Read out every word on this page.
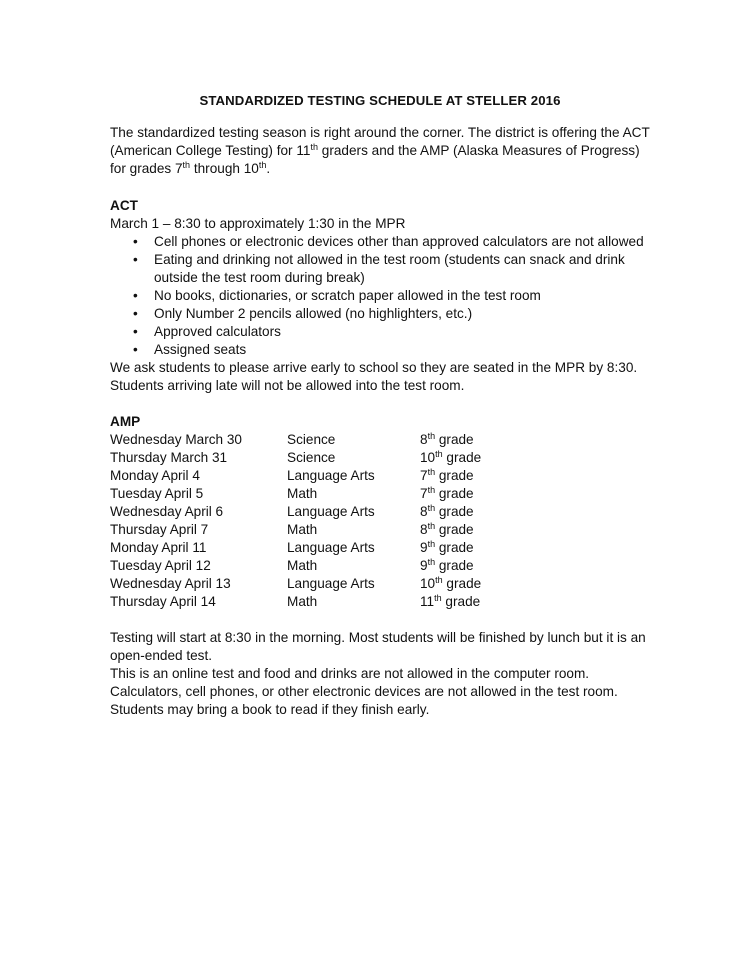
STANDARDIZED TESTING SCHEDULE AT STELLER 2016

The standardized testing season is right around the corner. The district is offering the ACT (American College Testing) for 11th graders and the AMP (Alaska Measures of Progress) for grades 7th through 10th.

ACT

March 1 – 8:30 to approximately 1:30 in the MPR

• Cell phones or electronic devices other than approved calculators are not allowed
• Eating and drinking not allowed in the test room (students can snack and drink outside the test room during break)
• No books, dictionaries, or scratch paper allowed in the test room
• Only Number 2 pencils allowed (no highlighters, etc.)
• Approved calculators
• Assigned seats

We ask students to please arrive early to school so they are seated in the MPR by 8:30. Students arriving late will not be allowed into the test room.

AMP

Wednesday March 30	Science	8th grade
Thursday March 31	Science	10th grade
Monday April 4	Language Arts	7th grade
Tuesday April 5	Math	7th grade
Wednesday April 6	Language Arts	8th grade
Thursday April 7	Math	8th grade
Monday April 11	Language Arts	9th grade
Tuesday April 12	Math	9th grade
Wednesday April 13	Language Arts	10th grade
Thursday April 14	Math	11th grade

Testing will start at 8:30 in the morning. Most students will be finished by lunch but it is an open-ended test.

This is an online test and food and drinks are not allowed in the computer room.

Calculators, cell phones, or other electronic devices are not allowed in the test room.

Students may bring a book to read if they finish early.
